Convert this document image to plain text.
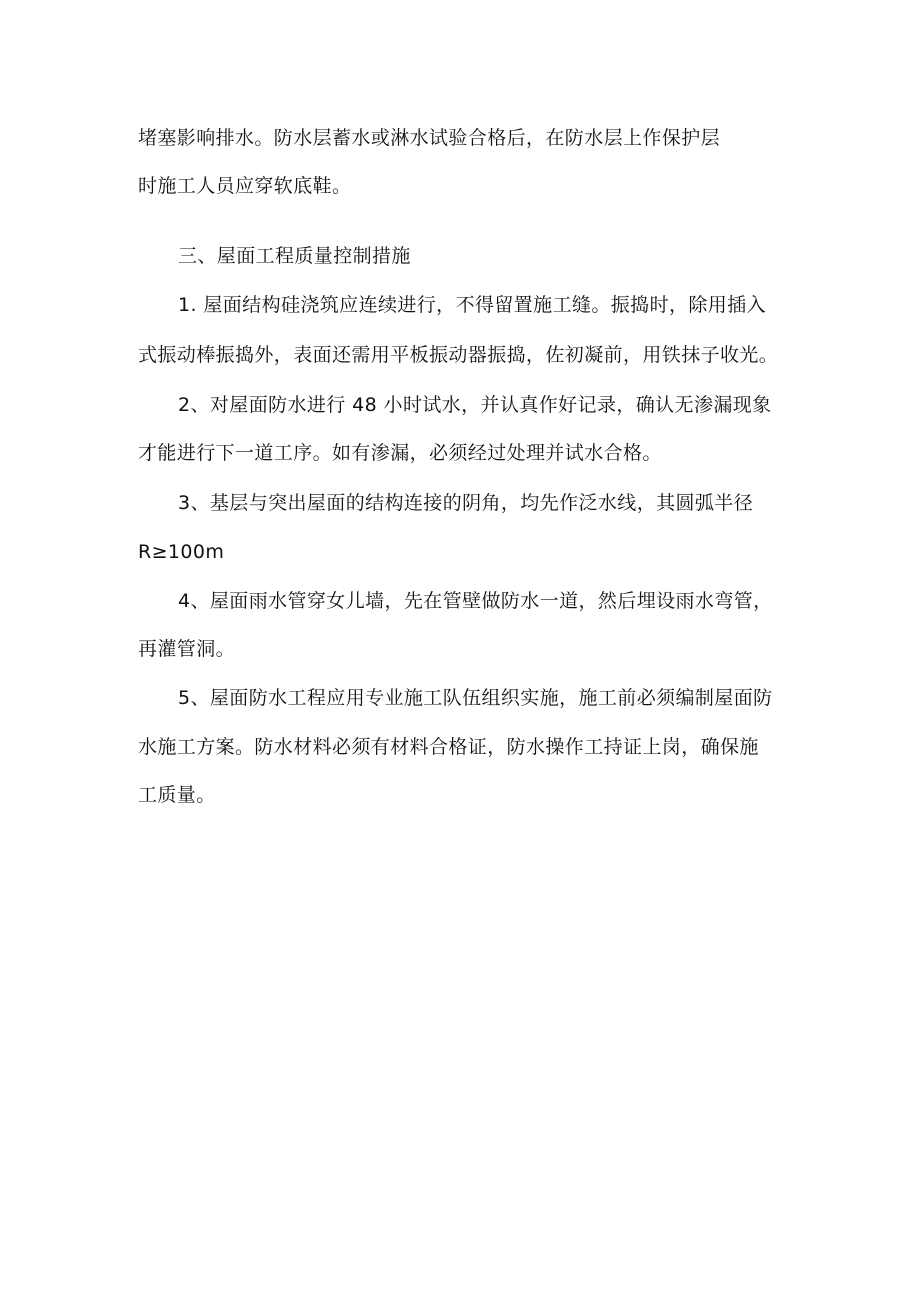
堵塞影响排水。防水层蓄水或淋水试验合格后，在防水层上作保护层
时施工人员应穿软底鞋。
三、屋面工程质量控制措施
1. 屋面结构硅浇筑应连续进行，不得留置施工缝。振捣时，除用插入
式振动棒振捣外，表面还需用平板振动器振捣，佐初凝前，用铁抹子收光。
2、对屋面防水进行 48 小时试水，并认真作好记录，确认无渗漏现象
才能进行下一道工序。如有渗漏，必须经过处理并试水合格。
3、基层与突出屋面的结构连接的阴角，均先作泛水线，其圆弧半径
R≥100m
4、屋面雨水管穿女儿墙，先在管壁做防水一道，然后埋设雨水弯管，
再灌管洞。
5、屋面防水工程应用专业施工队伍组织实施，施工前必须编制屋面防
水施工方案。防水材料必须有材料合格证，防水操作工持证上岗，确保施
工质量。
